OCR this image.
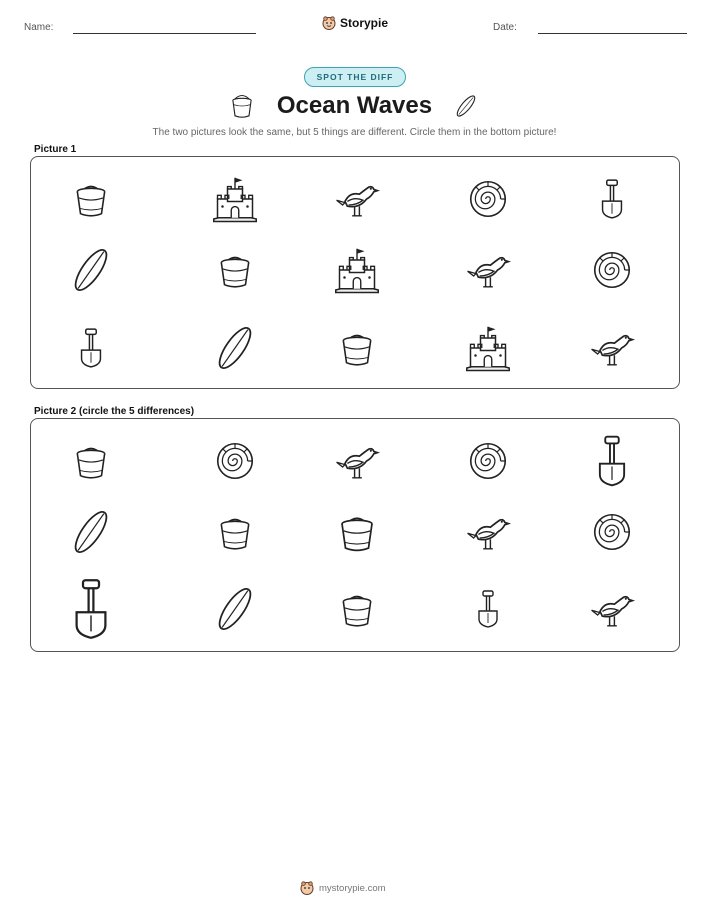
Name:	Storypie	Date:
SPOT THE DIFF
Ocean Waves
The two pictures look the same, but 5 things are different. Circle them in the bottom picture!
Picture 1
Picture 2 (circle the 5 differences)
mystorypie.com
